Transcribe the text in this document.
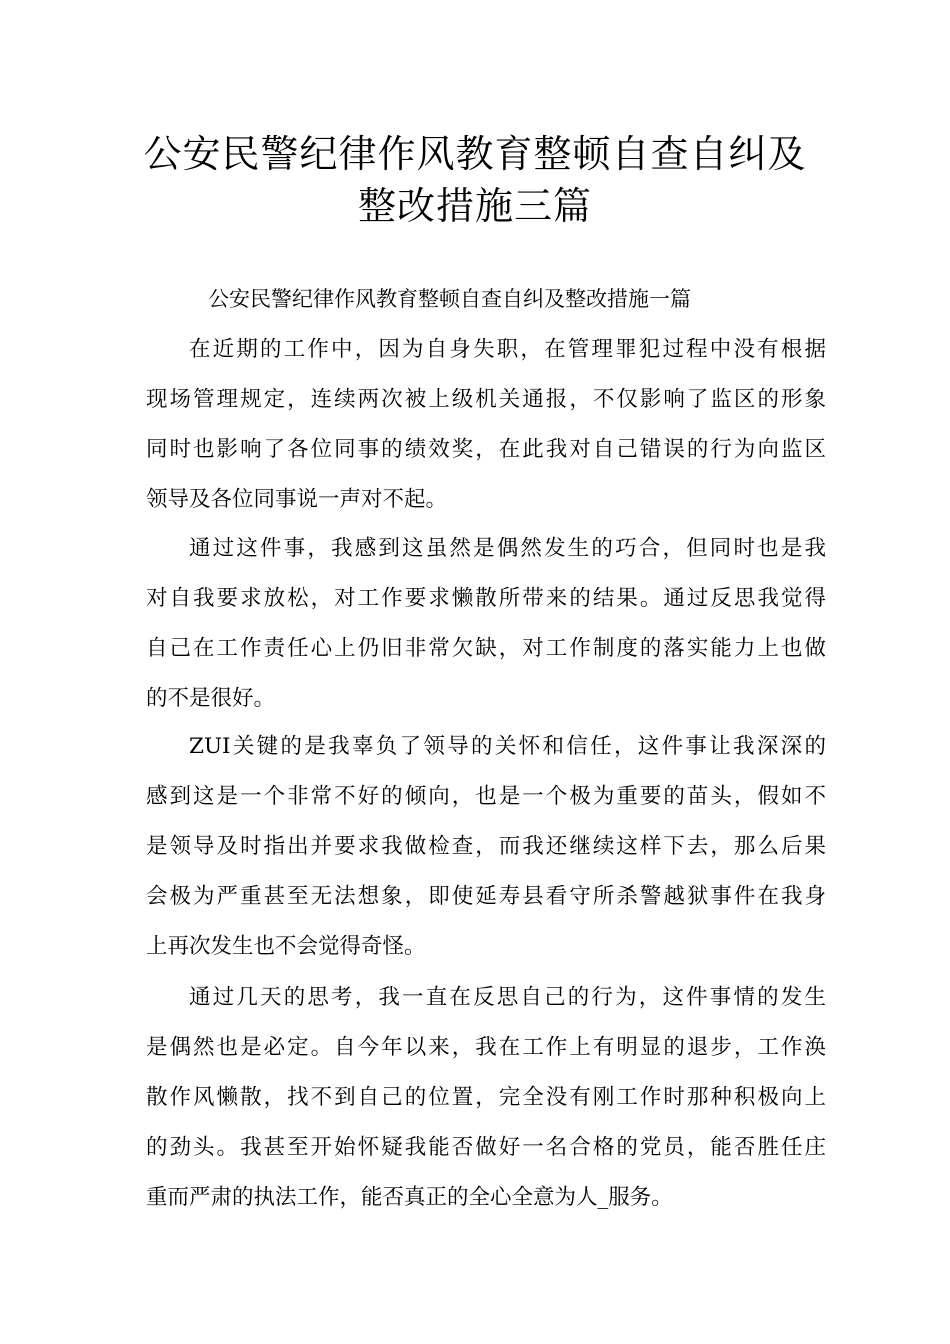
公安民警纪律作风教育整顿自查自纠及
整改措施三篇
公安民警纪律作风教育整顿自查自纠及整改措施一篇
在近期的工作中，因为自身失职，在管理罪犯过程中没有根据
现场管理规定，连续两次被上级机关通报，不仅影响了监区的形象
同时也影响了各位同事的绩效奖，在此我对自己错误的行为向监区
领导及各位同事说一声对不起。
通过这件事，我感到这虽然是偶然发生的巧合，但同时也是我
对自我要求放松，对工作要求懒散所带来的结果。通过反思我觉得
自己在工作责任心上仍旧非常欠缺，对工作制度的落实能力上也做
的不是很好。
ZUI关键的是我辜负了领导的关怀和信任，这件事让我深深的
感到这是一个非常不好的倾向，也是一个极为重要的苗头，假如不
是领导及时指出并要求我做检查，而我还继续这样下去，那么后果
会极为严重甚至无法想象，即使延寿县看守所杀警越狱事件在我身
上再次发生也不会觉得奇怪。
通过几天的思考，我一直在反思自己的行为，这件事情的发生
是偶然也是必定。自今年以来，我在工作上有明显的退步，工作涣
散作风懒散，找不到自己的位置，完全没有刚工作时那种积极向上
的劲头。我甚至开始怀疑我能否做好一名合格的党员，能否胜任庄
重而严肃的执法工作，能否真正的全心全意为人_服务。
